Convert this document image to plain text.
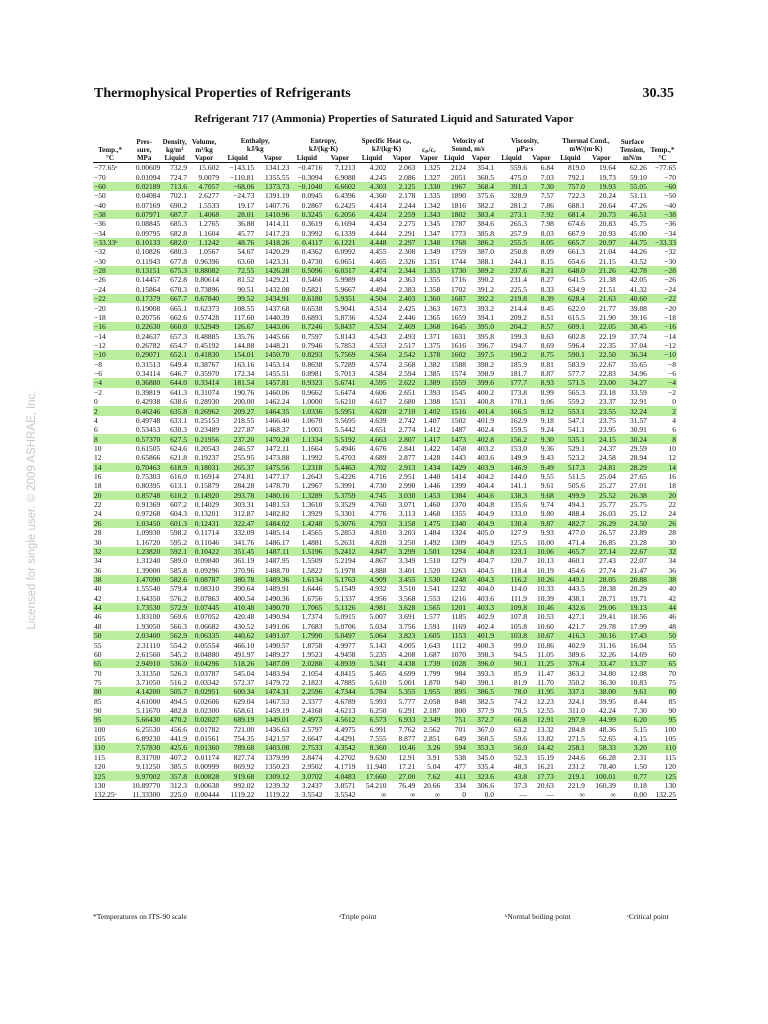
Thermophysical Properties of Refrigerants	30.35
Refrigerant 717 (Ammonia) Properties of Saturated Liquid and Saturated Vapor
Licensed for single user. © 2009 ASHRAE, Inc.
Temp.,*
°C	Pres-
sure,
MPa	Density,
kg/m³
Liquid	Volume,
m³/kg
Vapor	Enthalpy,
kJ/kg		Entropy,
kJ/(kg·K)		Specific Heat cₚ,
kJ/(kg·K)		cₚ/cᵥ
Vapor	Velocity of
Sound, m/s		Viscosity,
µPa·s		Thermal Cond.,
mW/(m·K)		Surface
Tension,
mN/m	Temp.,*
°C
				Liquid	Vapor	Liquid	Vapor	Liquid	Vapor		Liquid	Vapor	Liquid	Vapor	Liquid	Vapor		
−77.65ᵃ	0.00609	732.9	15.602	−143.15	1341.23	−0.4716	7.1213	4.202	2.063	1.325	2124	354.1	559.6	6.84	819.0	19.64	62.26	−77.65
−70	0.01094	724.7	9.0079	−110.81	1355.55	−0.3094	6.9088	4.245	2.086	1.327	2051	360.5	475.0	7.03	792.1	19.73	59.10	−70
−60	0.02189	713.6	4.7057	−68.06	1373.73	−0.1040	6.6602	4.303	2.125	1.330	1967	368.4	391.3	7.30	757.0	19.93	55.05	−60
−50	0.04084	702.1	2.6277	−24.73	1391.19	0.0945	6.4396	4.360	2.178	1.335	1890	375.6	328.9	7.57	722.3	20.24	51.11	−50
−40	0.07169	690.2	1.5533	19.17	1407.76	0.2867	6.2425	4.414	2.244	1.342	1816	382.2	281.2	7.86	688.1	20.64	47.26	−40
−38	0.07971	687.7	1.4068	28.01	1410.96	0.3245	6.2056	4.424	2.259	1.343	1802	383.4	273.1	7.92	681.4	20.73	46.51	−38
−36	0.08845	685.3	1.2765	36.88	1414.11	0.3619	6.1694	4.434	2.275	1.345	1787	384.6	265.3	7.98	674.6	20.83	45.75	−36
−34	0.09795	682.8	1.1604	45.77	1417.23	0.3992	6.1339	4.444	2.291	1.347	1773	385.8	257.9	8.03	667.9	20.93	45.00	−34
−33.33ᵇ	0.10133	682.0	1.1242	48.76	1418.26	0.4117	6.1221	4.448	2.297	1.348	1768	386.2	255.5	8.05	665.7	20.97	44.75	−33.33
−32	0.10826	680.3	1.0567	54.67	1420.29	0.4362	6.0992	4.455	2.308	1.349	1759	387.0	250.8	8.09	661.3	21.04	44.26	−32
−30	0.11943	677.8	0.96396	63.60	1423.31	0.4730	6.0651	4.465	2.326	1.351	1744	388.1	244.1	8.15	654.6	21.15	43.52	−30
−28	0.13151	675.3	0.88082	72.55	1426.28	0.5096	6.0317	4.474	2.344	1.353	1730	389.2	237.6	8.21	648.0	21.26	42.78	−28
−26	0.14457	672.8	0.80614	81.52	1429.21	0.5460	5.9989	4.484	2.363	1.355	1716	390.2	231.4	8.27	641.5	21.38	42.05	−26
−24	0.15864	670.3	0.73896	90.51	1432.08	0.5821	5.9667	4.494	2.383	1.358	1702	391.2	225.5	8.33	634.9	21.51	41.32	−24
−22	0.17379	667.7	0.67840	99.52	1434.91	0.6180	5.9351	4.504	2.403	1.360	1687	392.2	219.8	8.39	628.4	21.63	40.60	−22
−20	0.19008	665.1	0.62373	108.55	1437.68	0.6538	5.9041	4.514	2.425	1.363	1673	393.2	214.4	8.45	622.0	21.77	39.88	−20
−18	0.20756	662.6	0.57428	117.60	1440.39	0.6893	5.8736	4.524	2.446	1.365	1659	394.1	209.2	8.51	615.5	21.90	39.16	−18
−16	0.22630	660.0	0.52949	126.67	1443.06	0.7246	5.8437	4.534	2.469	1.368	1645	395.0	204.2	8.57	609.1	22.05	38.45	−16
−14	0.24637	657.3	0.48885	135.76	1445.66	0.7597	5.8143	4.543	2.493	1.371	1631	395.8	199.3	8.63	602.8	22.19	37.74	−14
−12	0.26782	654.7	0.45192	144.88	1448.21	0.7946	5.7853	4.553	2.517	1.375	1616	396.7	194.7	8.69	596.4	22.35	37.04	−12
−10	0.29071	652.1	0.41830	154.01	1450.70	0.8293	5.7569	4.564	2.542	1.378	1602	397.5	190.2	8.75	590.1	22.50	36.34	−10
−8	0.31513	649.4	0.38767	163.16	1453.14	0.8638	5.7289	4.574	2.568	1.382	1588	398.2	185.9	8.81	583.9	22.67	35.65	−8
−6	0.34114	646.7	0.35970	172.34	1455.51	0.8981	5.7013	4.584	2.594	1.385	1574	398.9	181.7	8.87	577.7	22.83	34.96	−6
−4	0.36880	644.0	0.33414	181.54	1457.81	0.9323	5.6741	4.595	2.622	1.389	1559	399.6	177.7	8.93	571.5	23.00	34.27	−4
−2	0.39819	641.3	0.31074	190.76	1460.06	0.9662	5.6474	4.606	2.651	1.393	1545	400.2	173.8	8.99	565.3	23.18	33.59	−2
0	0.42938	638.6	0.28930	200.00	1462.24	1.0000	5.6210	4.617	2.680	1.398	1531	400.8	170.1	9.06	559.2	23.37	32.91	0
2	0.46246	635.8	0.26962	209.27	1464.35	1.0336	5.5951	4.628	2.710	1.402	1516	401.4	166.5	9.12	553.1	23.55	32.24	2
4	0.49748	633.1	0.25153	218.55	1466.40	1.0670	5.5695	4.639	2.742	1.407	1502	401.9	162.9	9.18	547.1	23.75	31.57	4
6	0.53453	630.3	0.23489	227.87	1468.37	1.1003	5.5442	4.651	2.774	1.412	1487	402.4	159.5	9.24	541.1	23.95	30.91	6
8	0.57370	627.5	0.21956	237.20	1470.28	1.1334	5.5192	4.663	2.807	1.417	1473	402.8	156.2	9.30	535.1	24.15	30.24	8
10	0.61505	624.6	0.20543	246.57	1472.11	1.1664	5.4946	4.676	2.841	1.422	1458	403.2	153.0	9.36	529.1	24.37	29.59	10
12	0.65866	621.8	0.19237	255.95	1473.88	1.1992	5.4703	4.689	2.877	1.428	1443	403.6	149.9	9.43	523.2	24.58	28.94	12
14	0.70463	618.9	0.18031	265.37	1475.56	1.2318	5.4463	4.702	2.913	1.434	1429	403.9	146.9	9.49	517.3	24.81	28.29	14
16	0.75303	616.0	0.16914	274.81	1477.17	1.2643	5.4226	4.716	2.951	1.440	1414	404.2	144.0	9.55	511.5	25.04	27.65	16
18	0.80395	613.1	0.15879	284.28	1478.70	1.2967	5.3991	4.730	2.990	1.446	1399	404.4	141.1	9.61	505.6	25.27	27.01	18
20	0.85748	610.2	0.14920	293.78	1480.16	1.3289	5.3759	4.745	3.030	1.453	1384	404.6	138.3	9.68	499.9	25.52	26.38	20
22	0.91369	607.2	0.14029	303.31	1481.53	1.3610	5.3529	4.760	3.071	1.460	1370	404.8	135.6	9.74	494.1	25.77	25.75	22
24	0.97268	604.3	0.13201	312.87	1482.82	1.3929	5.3301	4.776	3.113	1.468	1355	404.9	133.0	9.80	488.4	26.03	25.12	24
26	1.03450	601.3	0.12431	322.47	1484.02	1.4248	5.3076	4.793	3.158	1.475	1340	404.9	130.4	9.87	482.7	26.29	24.50	26
28	1.09930	598.2	0.11714	332.09	1485.14	1.4565	5.2853	4.810	3.203	1.484	1324	405.0	127.9	9.93	477.0	26.57	23.89	28
30	1.16720	595.2	0.11046	341.76	1486.17	1.4881	5.2631	4.828	3.250	1.492	1309	404.9	125.5	10.00	471.4	26.85	23.28	30
32	1.23820	592.1	0.10422	351.45	1487.11	1.5196	5.2412	4.847	3.299	1.501	1294	404.8	123.1	10.06	465.7	27.14	22.67	32
34	1.31240	589.0	0.09840	361.19	1487.95	1.5509	5.2194	4.867	3.349	1.510	1279	404.7	120.7	10.13	460.1	27.43	22.07	34
36	1.39000	585.8	0.09296	370.96	1488.70	1.5822	5.1978	4.888	3.401	1.520	1263	404.5	118.4	10.19	454.6	27.74	21.47	36
38	1.47090	582.6	0.08787	380.78	1489.36	1.6134	5.1763	4.909	3.455	1.530	1248	404.3	116.2	10.26	449.1	28.05	20.88	38
40	1.55540	579.4	0.08310	390.64	1489.91	1.6446	5.1549	4.932	3.510	1.541	1232	404.0	114.0	10.33	443.5	28.38	20.29	40
42	1.64350	576.2	0.07863	400.54	1490.36	1.6756	5.1337	4.956	3.568	1.553	1216	403.6	111.9	10.39	438.1	28.71	19.71	42
44	1.73530	572.9	0.07445	410.48	1490.70	1.7065	5.1126	4.981	3.628	1.565	1201	403.3	109.8	10.46	432.6	29.06	19.13	44
46	1.83100	569.6	0.07052	420.48	1490.94	1.7374	5.0915	5.007	3.691	1.577	1185	402.9	107.8	10.53	427.1	29.41	18.56	46
48	1.93050	566.3	0.06682	430.52	1491.06	1.7683	5.0706	5.034	3.756	1.591	1169	402.4	105.8	10.60	421.7	29.78	17.99	48
50	2.03400	562.9	0.06335	440.62	1491.07	1.7990	5.0497	5.064	3.823	1.605	1153	401.9	103.8	10.67	416.3	30.16	17.43	50
55	2.31110	554.2	0.05554	466.10	1490.57	1.8758	4.9977	5.143	4.005	1.643	1112	400.3	99.0	10.86	402.9	31.16	16.04	55
60	2.61560	545.2	0.04880	491.97	1489.27	1.9523	4.9458	5.235	4.208	1.687	1070	398.3	94.5	11.05	389.6	32.26	14.69	60
65	2.94910	536.0	0.04296	518.26	1487.09	2.0288	4.8939	5.341	4.438	1.739	1028	396.0	90.1	11.25	376.4	33.47	13.37	65
70	3.31350	526.3	0.03787	545.04	1483.94	2.1054	4.8415	5.465	4.699	1.799	984	393.3	85.9	11.47	363.2	34.80	12.08	70
75	3.71050	516.2	0.03342	572.37	1479.72	2.1823	4.7885	5.610	5.001	1.870	940	390.1	81.9	11.70	350.2	36.30	10.83	75
80	4.14200	505.7	0.02951	600.34	1474.31	2.2596	4.7344	5.784	5.355	1.955	895	386.5	78.0	11.95	337.1	38.00	9.61	80
85	4.61000	494.5	0.02606	629.04	1467.53	2.3377	4.6789	5.993	5.777	2.058	848	382.5	74.2	12.23	324.1	39.95	8.44	85
90	5.11670	482.8	0.02300	658.61	1459.19	2.4168	4.6213	6.250	6.291	2.187	800	377.9	70.5	12.55	311.0	42.24	7.30	90
95	5.66430	470.2	0.02027	689.19	1449.01	2.4973	4.5612	6.573	6.933	2.349	751	372.7	66.8	12.91	297.9	44.99	6.20	95
100	6.25530	456.6	0.01782	721.00	1436.63	2.5797	4.4975	6.991	7.762	2.562	701	367.0	63.2	13.32	284.8	48.36	5.15	100
105	6.89230	441.9	0.01561	754.35	1421.57	2.6647	4.4291	7.555	8.877	2.851	649	360.5	59.6	13.82	271.5	52.65	4.15	105
110	7.57830	425.6	0.01360	789.68	1403.08	2.7533	4.3542	8.360	10.46	3.26	594	353.3	56.0	14.42	258.1	58.33	3.20	110
115	8.31700	407.2	0.01174	827.74	1379.99	2.8474	4.2702	9.630	12.91	3.91	538	345.0	52.3	15.19	244.6	66.28	2.31	115
120	9.11250	385.5	0.00999	869.92	1350.23	2.9502	4.1719	11.940	17.21	5.04	477	335.4	48.3	16.21	231.2	78.40	1.50	120
125	9.97002	357.8	0.00828	919.68	1309.12	3.0702	4.0483	17.660	27.00	7.62	411	323.6	43.8	17.73	219.1	100.01	0.77	125
130	10.89770	312.3	0.00638	992.02	1239.32	3.2437	3.8571	54.210	76.49	20.66	334	306.6	37.3	20.63	221.9	160.39	0.18	130
132.25ᶜ	11.33300	225.0	0.00444	1119.22	1119.22	3.5542	3.5542	∞	∞	∞	0	0.0	—	—	∞	∞	0.00	132.25
*Temperatures on ITS-90 scale	ᵃTriple point	ᵇNormal boiling point	ᶜCritical point
